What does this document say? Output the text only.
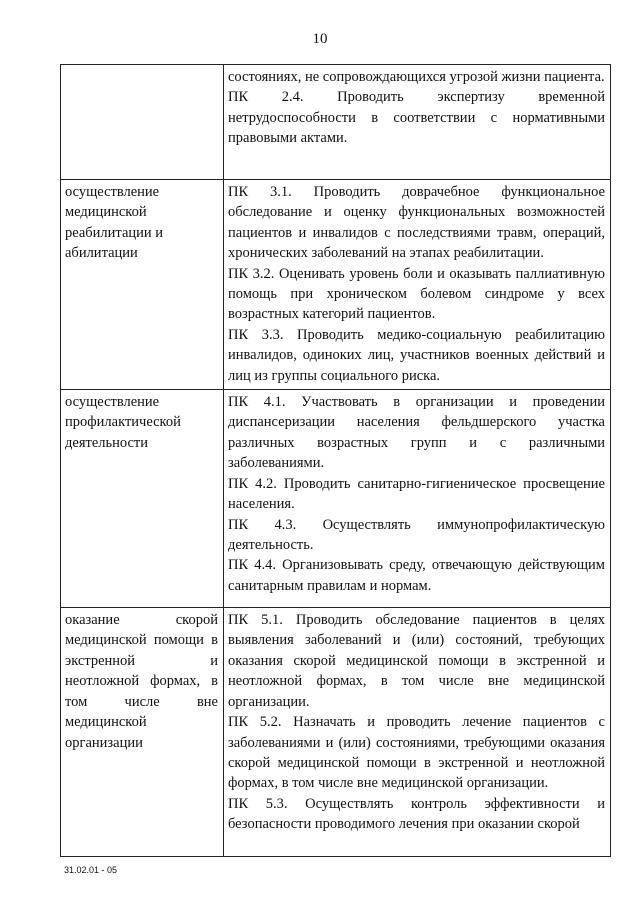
10

	состояниях, не сопровождающихся угрозой жизни пациента.

ПК 2.4. Проводить экспертизу временной нетрудоспособности в соответствии с нормативными правовыми актами.

осуществление медицинской реабилитации и абилитации	ПК 3.1. Проводить доврачебное функциональное обследование и оценку функциональных возможностей пациентов и инвалидов с последствиями травм, операций, хронических заболеваний на этапах реабилитации.

ПК 3.2. Оценивать уровень боли и оказывать паллиативную помощь при хроническом болевом синдроме у всех возрастных категорий пациентов.

ПК 3.3. Проводить медико-социальную реабилитацию инвалидов, одиноких лиц, участников военных действий и лиц из группы социального риска.

осуществление профилактической деятельности	ПК 4.1. Участвовать в организации и проведении диспансеризации населения фельдшерского участка различных возрастных групп и с различными заболеваниями.

ПК 4.2. Проводить санитарно-гигиеническое просвещение населения.

ПК 4.3. Осуществлять иммунопрофилактическую деятельность.

ПК 4.4. Организовывать среду, отвечающую действующим санитарным правилам и нормам.

оказание скорой медицинской помощи в экстренной и неотложной формах, в том числе вне медицинской организации	ПК 5.1. Проводить обследование пациентов в целях выявления заболеваний и (или) состояний, требующих оказания скорой медицинской помощи в экстренной и неотложной формах, в том числе вне медицинской организации.

ПК 5.2. Назначать и проводить лечение пациентов с заболеваниями и (или) состояниями, требующими оказания скорой медицинской помощи в экстренной и неотложной формах, в том числе вне медицинской организации.

ПК 5.3. Осуществлять контроль эффективности и безопасности проводимого лечения при оказании скорой

31.02.01 - 05
